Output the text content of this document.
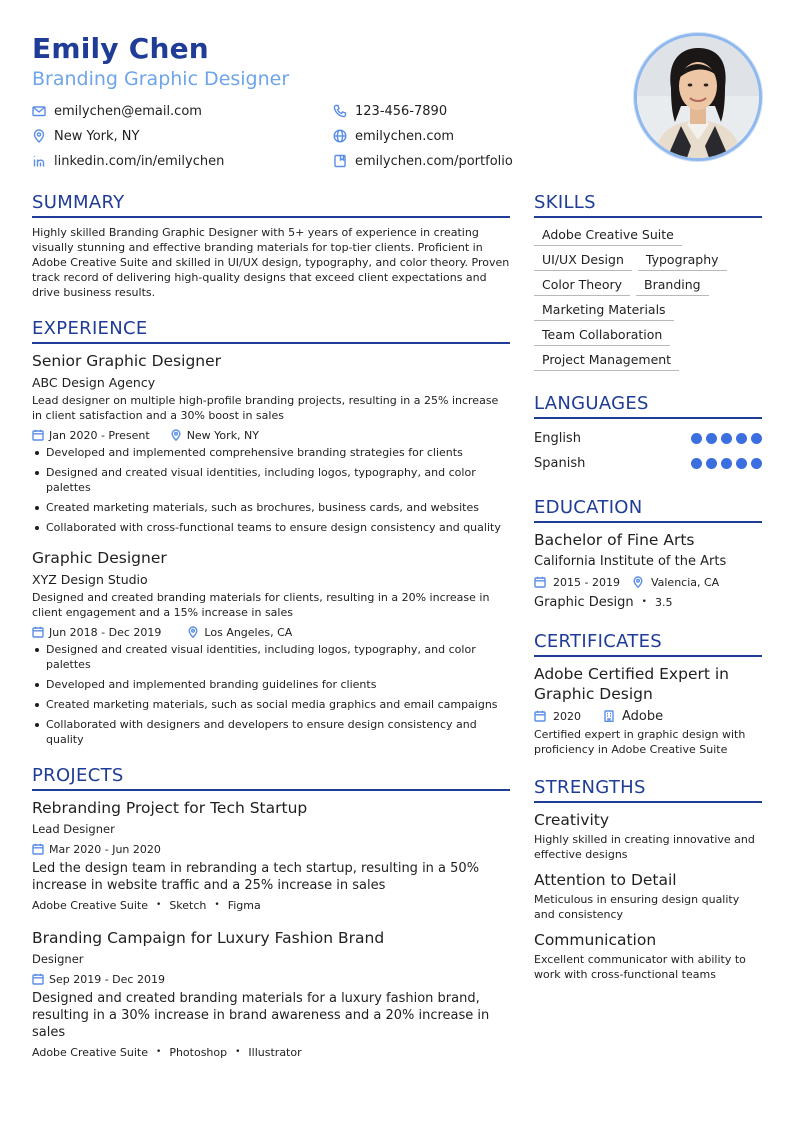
Emily Chen
Branding Graphic Designer
emilychen@email.com	123-456-7890
New York, NY	emilychen.com
linkedin.com/in/emilychen	emilychen.com/portfolio
SUMMARY
Highly skilled Branding Graphic Designer with 5+ years of experience in creating visually stunning and effective branding materials for top-tier clients. Proficient in Adobe Creative Suite and skilled in UI/UX design, typography, and color theory. Proven track record of delivering high-quality designs that exceed client expectations and drive business results.
EXPERIENCE
Senior Graphic Designer
ABC Design Agency
Lead designer on multiple high-profile branding projects, resulting in a 25% increase in client satisfaction and a 30% boost in sales
Jan 2020 - Present	New York, NY
Developed and implemented comprehensive branding strategies for clients
Designed and created visual identities, including logos, typography, and color palettes
Created marketing materials, such as brochures, business cards, and websites
Collaborated with cross-functional teams to ensure design consistency and quality
Graphic Designer
XYZ Design Studio
Designed and created branding materials for clients, resulting in a 20% increase in client engagement and a 15% increase in sales
Jun 2018 - Dec 2019	Los Angeles, CA
Designed and created visual identities, including logos, typography, and color palettes
Developed and implemented branding guidelines for clients
Created marketing materials, such as social media graphics and email campaigns
Collaborated with designers and developers to ensure design consistency and quality
PROJECTS
Rebranding Project for Tech Startup
Lead Designer
Mar 2020 - Jun 2020
Led the design team in rebranding a tech startup, resulting in a 50% increase in website traffic and a 25% increase in sales
Adobe Creative Suite • Sketch • Figma
Branding Campaign for Luxury Fashion Brand
Designer
Sep 2019 - Dec 2019
Designed and created branding materials for a luxury fashion brand, resulting in a 30% increase in brand awareness and a 20% increase in sales
Adobe Creative Suite • Photoshop • Illustrator
SKILLS
Adobe Creative Suite
UI/UX Design	Typography
Color Theory	Branding
Marketing Materials
Team Collaboration
Project Management
LANGUAGES
English
Spanish
EDUCATION
Bachelor of Fine Arts
California Institute of the Arts
2015 - 2019	Valencia, CA
Graphic Design • 3.5
CERTIFICATES
Adobe Certified Expert in Graphic Design
2020	Adobe
Certified expert in graphic design with proficiency in Adobe Creative Suite
STRENGTHS
Creativity
Highly skilled in creating innovative and effective designs
Attention to Detail
Meticulous in ensuring design quality and consistency
Communication
Excellent communicator with ability to work with cross-functional teams
